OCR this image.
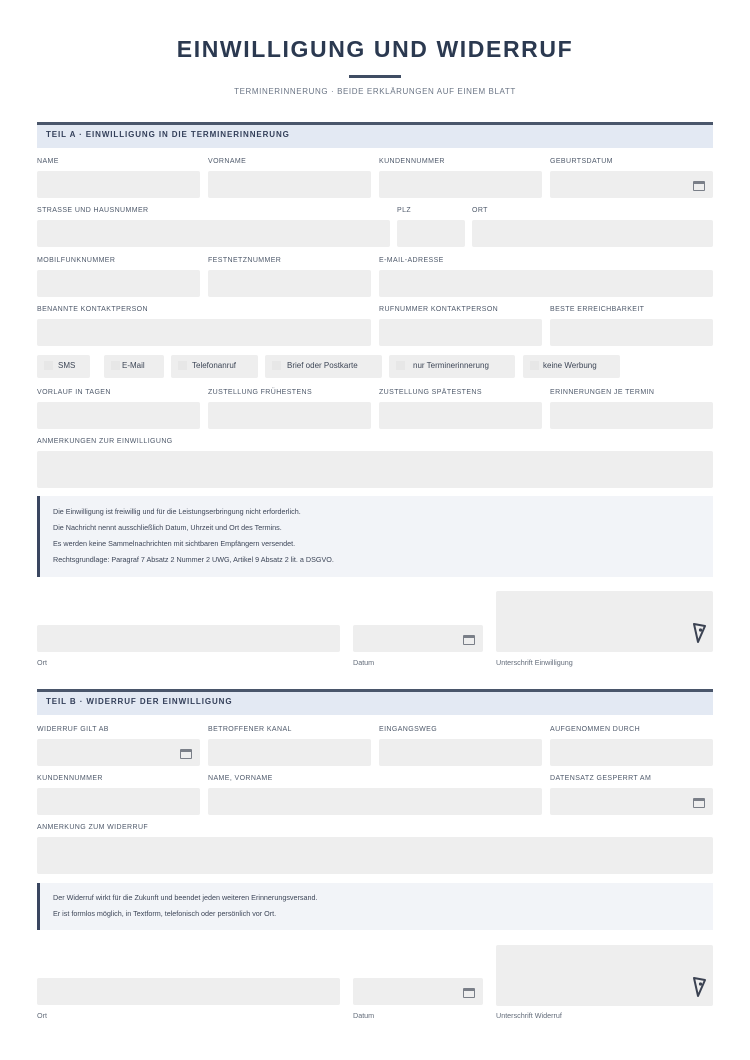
EINWILLIGUNG UND WIDERRUF
TERMINERINNERUNG · BEIDE ERKLÄRUNGEN AUF EINEM BLATT
TEIL A · EINWILLIGUNG IN DIE TERMINERINNERUNG
NAME	VORNAME	KUNDENNUMMER	GEBURTSDATUM
STRASSE UND HAUSNUMMER	PLZ	ORT
MOBILFUNKNUMMER	FESTNETZNUMMER	E-MAIL-ADRESSE
BENANNTE KONTAKTPERSON	RUFNUMMER KONTAKTPERSON	BESTE ERREICHBARKEIT
SMS	E-Mail	Telefonanruf	Brief oder Postkarte	nur Terminerinnerung	keine Werbung
VORLAUF IN TAGEN	ZUSTELLUNG FRÜHESTENS	ZUSTELLUNG SPÄTESTENS	ERINNERUNGEN JE TERMIN
ANMERKUNGEN ZUR EINWILLIGUNG
Die Einwilligung ist freiwillig und für die Leistungserbringung nicht erforderlich.
Die Nachricht nennt ausschließlich Datum, Uhrzeit und Ort des Termins.
Es werden keine Sammelnachrichten mit sichtbaren Empfängern versendet.
Rechtsgrundlage: Paragraf 7 Absatz 2 Nummer 2 UWG, Artikel 9 Absatz 2 lit. a DSGVO.
Ort	Datum	Unterschrift Einwilligung
TEIL B · WIDERRUF DER EINWILLIGUNG
WIDERRUF GILT AB	BETROFFENER KANAL	EINGANGSWEG	AUFGENOMMEN DURCH
KUNDENNUMMER	NAME, VORNAME	DATENSATZ GESPERRT AM
ANMERKUNG ZUM WIDERRUF
Der Widerruf wirkt für die Zukunft und beendet jeden weiteren Erinnerungsversand.
Er ist formlos möglich, in Textform, telefonisch oder persönlich vor Ort.
Ort	Datum	Unterschrift Widerruf
